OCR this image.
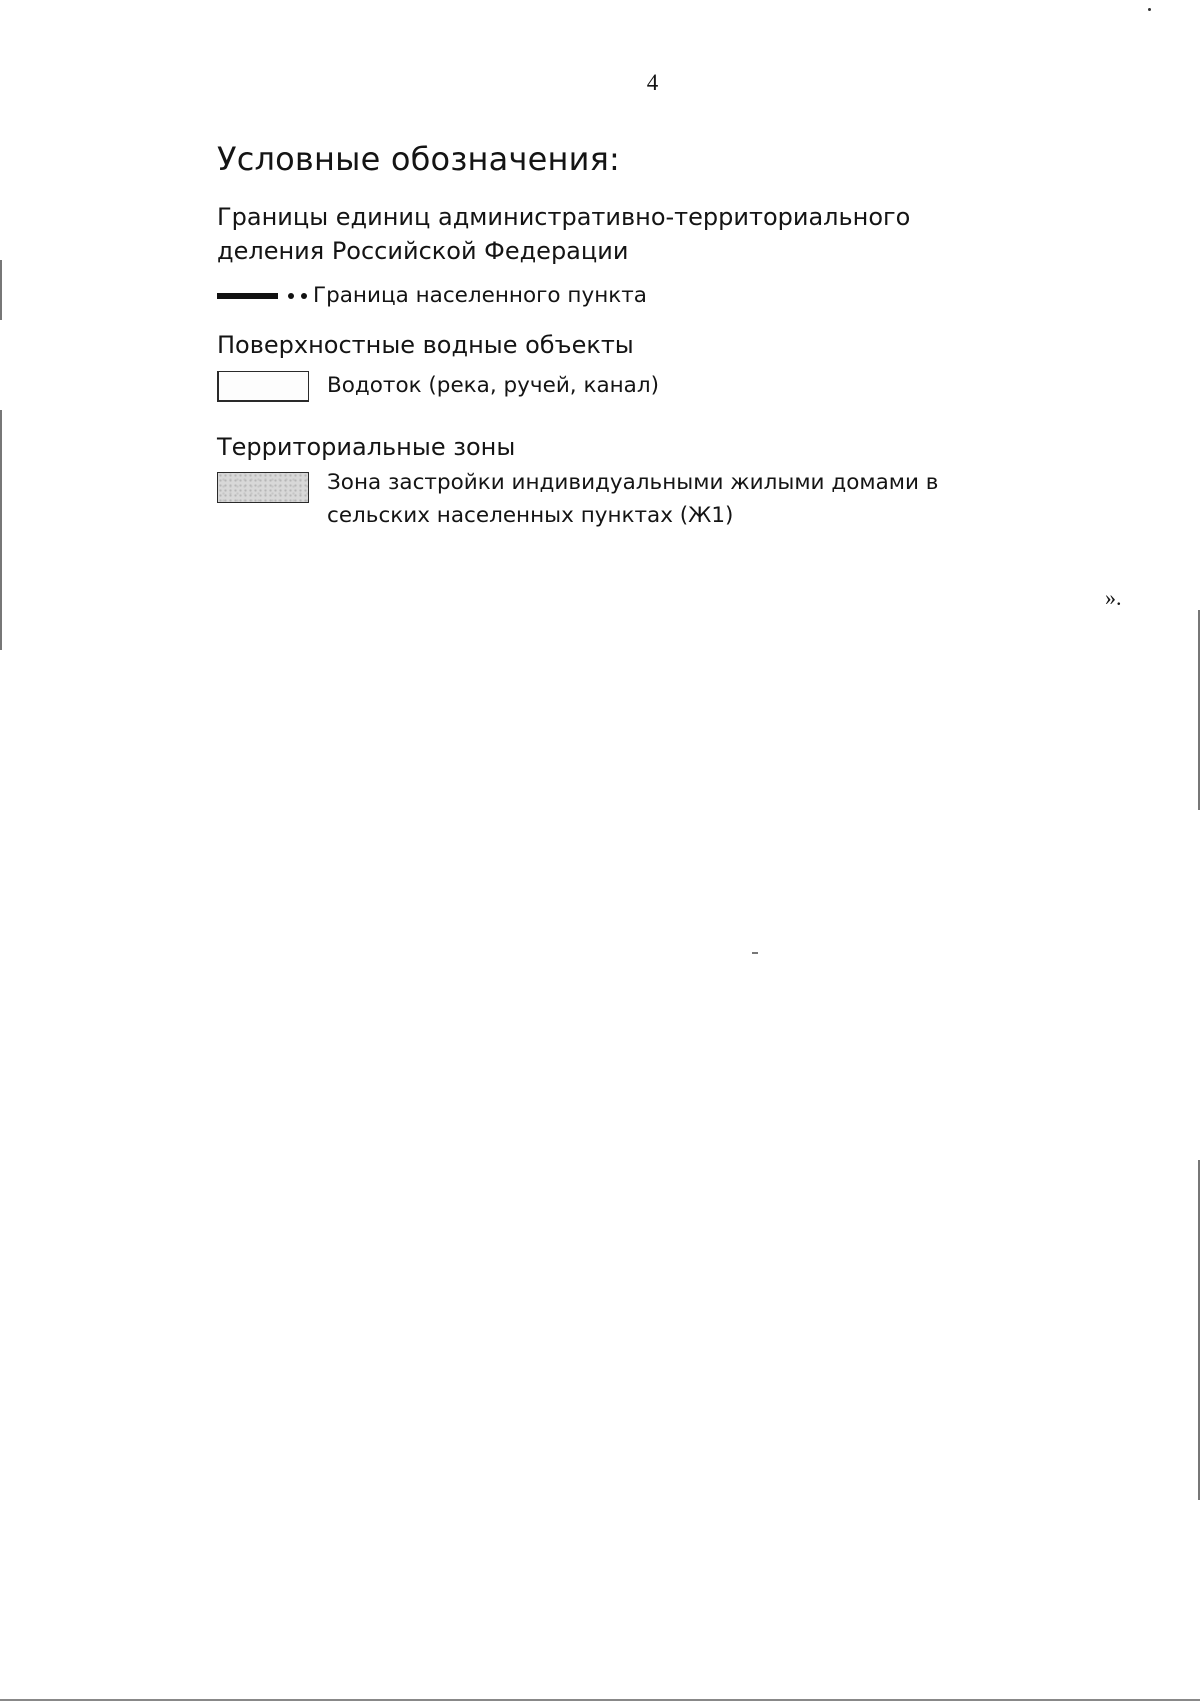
4
Условные обозначения:
Границы единиц административно-территориального деления Российской Федерации
Граница населенного пункта
Поверхностные водные объекты
Водоток (река, ручей, канал)
Территориальные зоны
Зона застройки индивидуальными жилыми домами в сельских населенных пунктах (Ж1)
».
